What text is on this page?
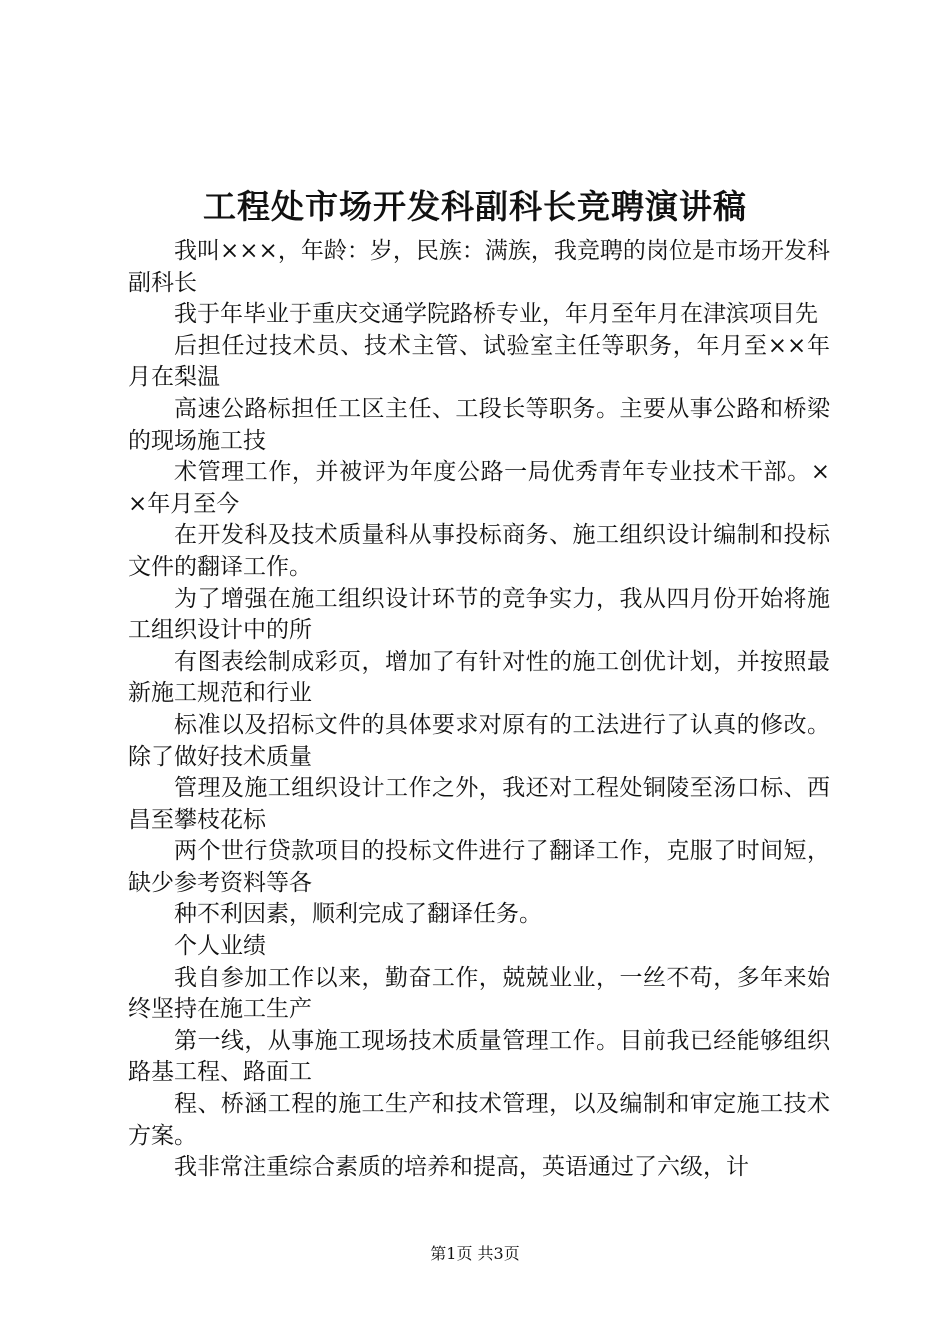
工程处市场开发科副科长竞聘演讲稿

我叫×××，年龄：岁，民族：满族，我竞聘的岗位是市场开发科副科长

我于年毕业于重庆交通学院路桥专业，年月至年月在津滨项目先

后担任过技术员、技术主管、试验室主任等职务，年月至××年月在梨温

高速公路标担任工区主任、工段长等职务。主要从事公路和桥梁的现场施工技

术管理工作，并被评为年度公路一局优秀青年专业技术干部。××年月至今

在开发科及技术质量科从事投标商务、施工组织设计编制和投标文件的翻译工作。

为了增强在施工组织设计环节的竞争实力，我从四月份开始将施工组织设计中的所

有图表绘制成彩页，增加了有针对性的施工创优计划，并按照最新施工规范和行业

标准以及招标文件的具体要求对原有的工法进行了认真的修改。除了做好技术质量

管理及施工组织设计工作之外，我还对工程处铜陵至汤口标、西昌至攀枝花标

两个世行贷款项目的投标文件进行了翻译工作，克服了时间短，缺少参考资料等各

种不利因素，顺利完成了翻译任务。

个人业绩

我自参加工作以来，勤奋工作，兢兢业业，一丝不苟，多年来始终坚持在施工生产

第一线，从事施工现场技术质量管理工作。目前我已经能够组织路基工程、路面工

程、桥涵工程的施工生产和技术管理，以及编制和审定施工技术方案。

我非常注重综合素质的培养和提高，英语通过了六级，计

第1页 共3页
